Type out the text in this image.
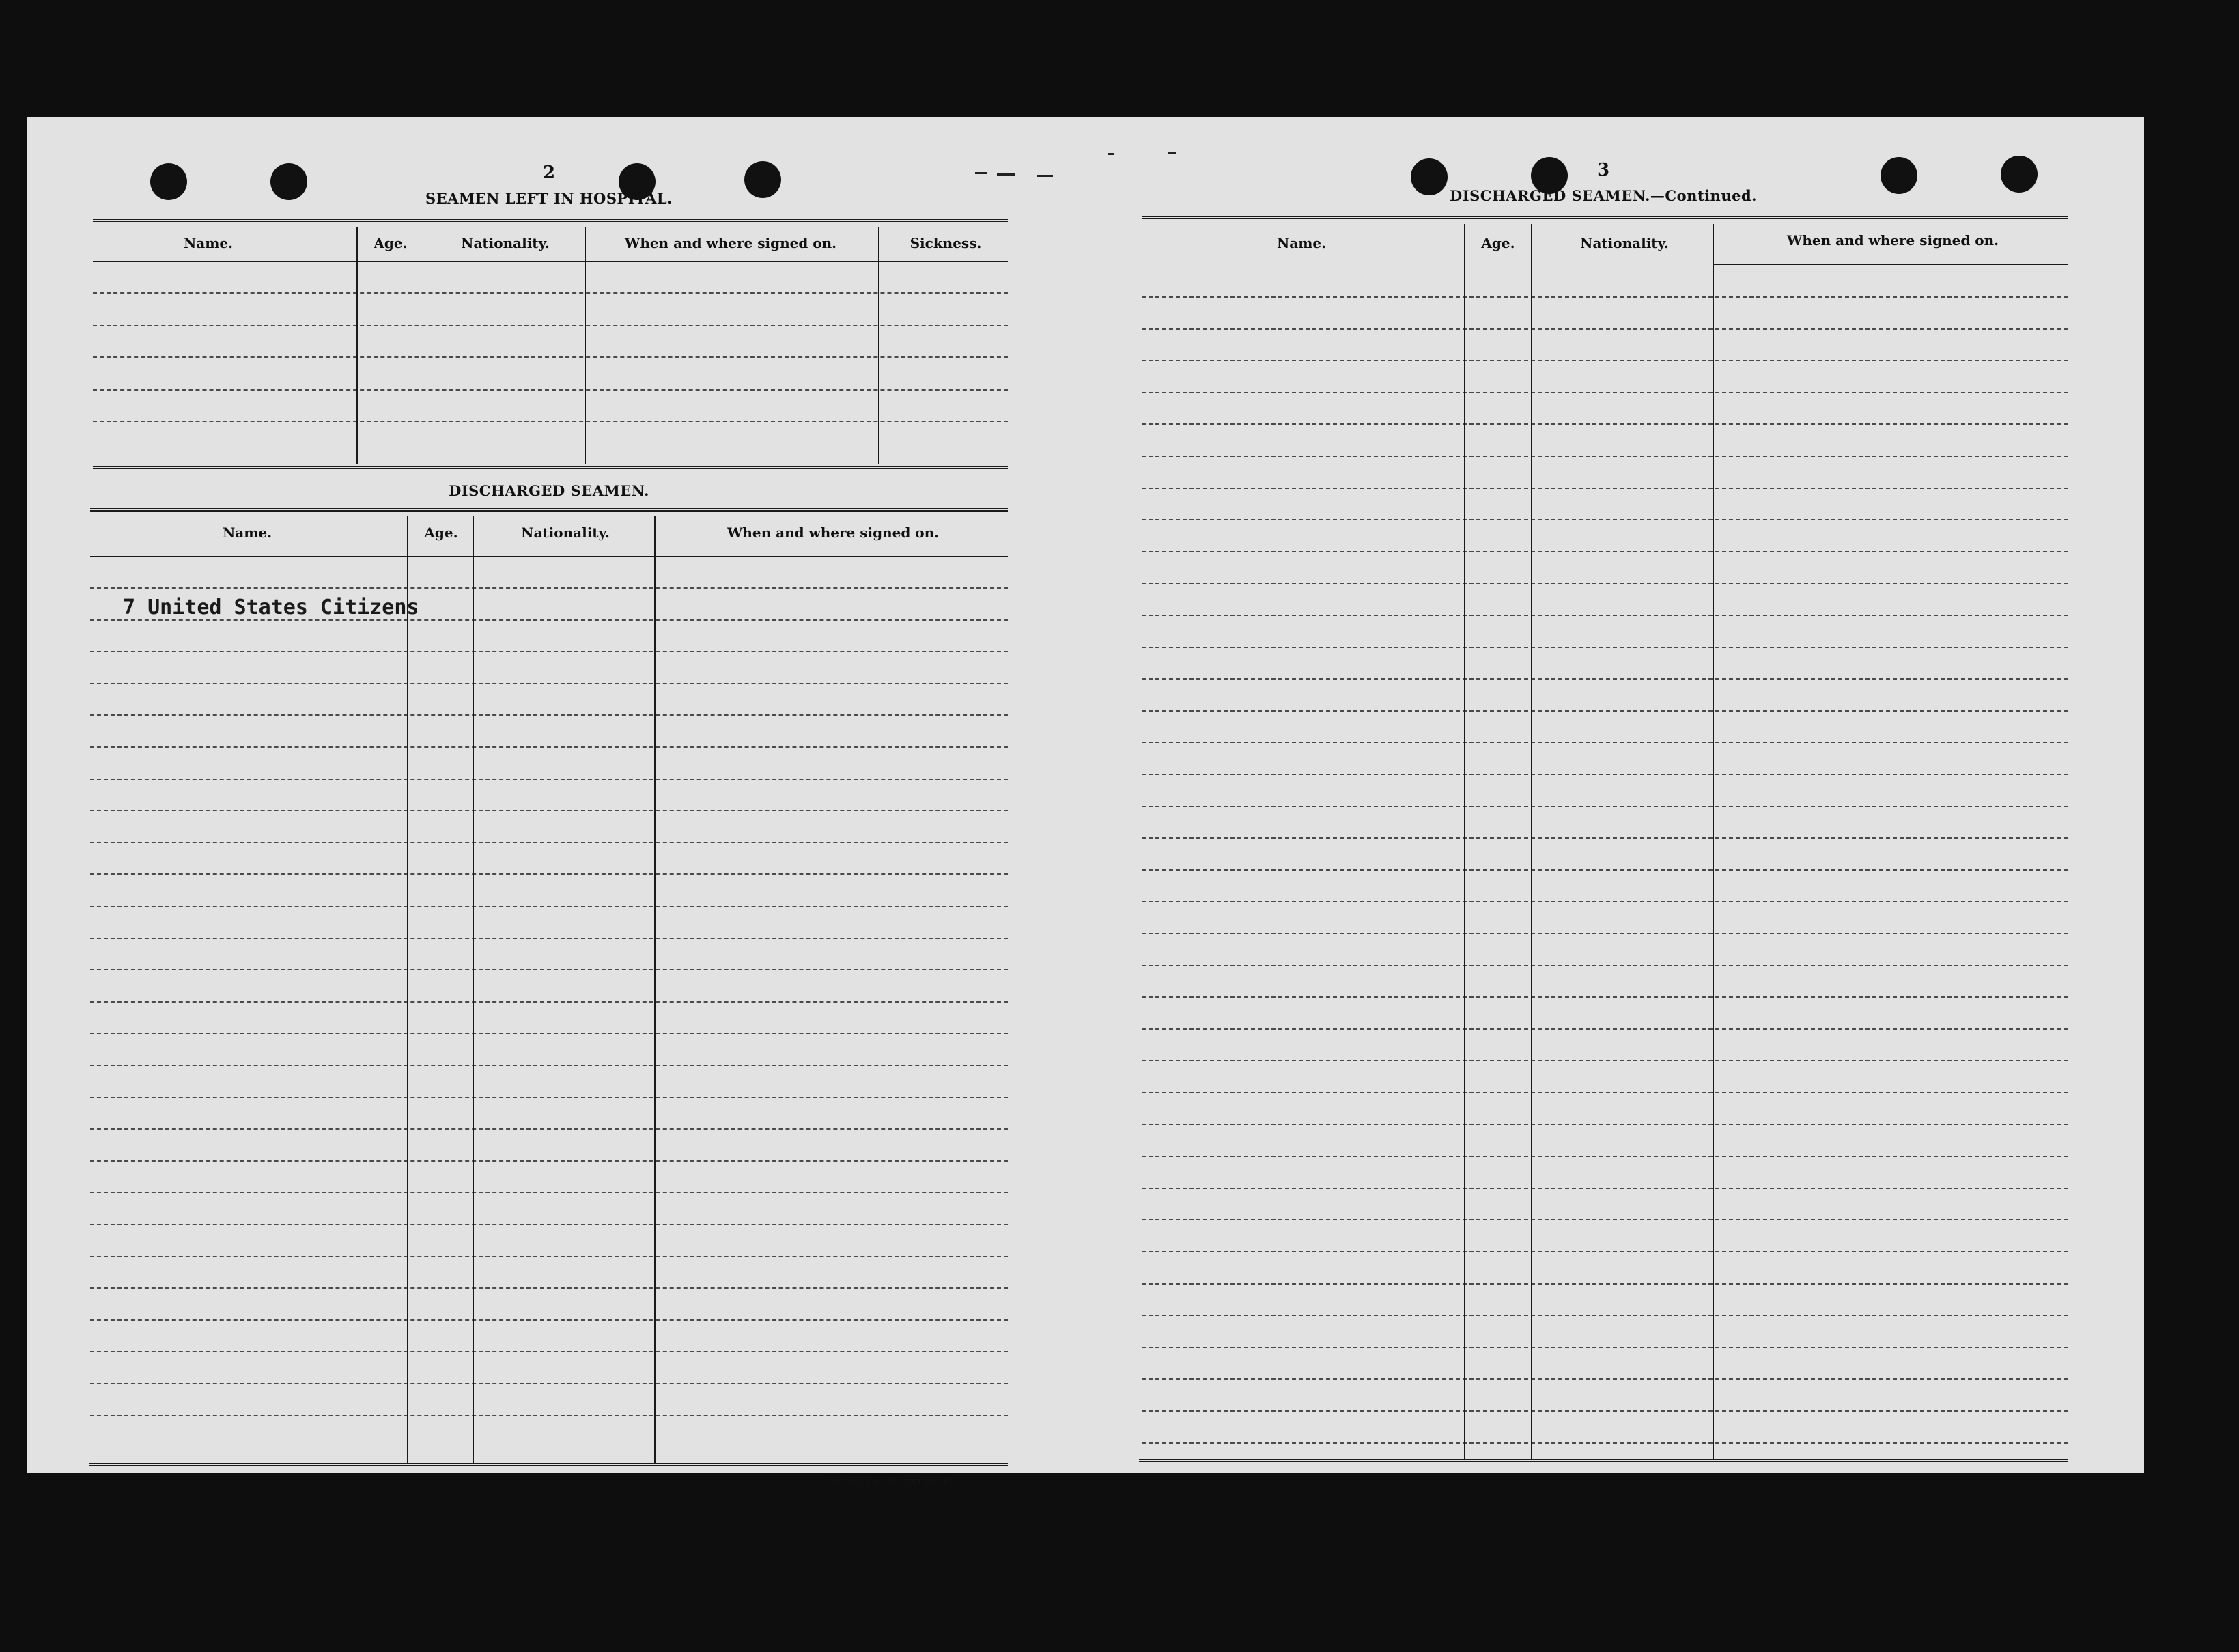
2
SEAMEN LEFT IN HOSPITAL.
Name.	Age.	Nationality.	When and where signed on.	Sickness.
DISCHARGED SEAMEN.
Name.	Age.	Nationality.	When and where signed on.
7 United States Citizens
CONTINUED ON NEXT PAGE.
3
DISCHARGED SEAMEN.—Continued.
Name.	Age.	Nationality.	When and where signed on.
